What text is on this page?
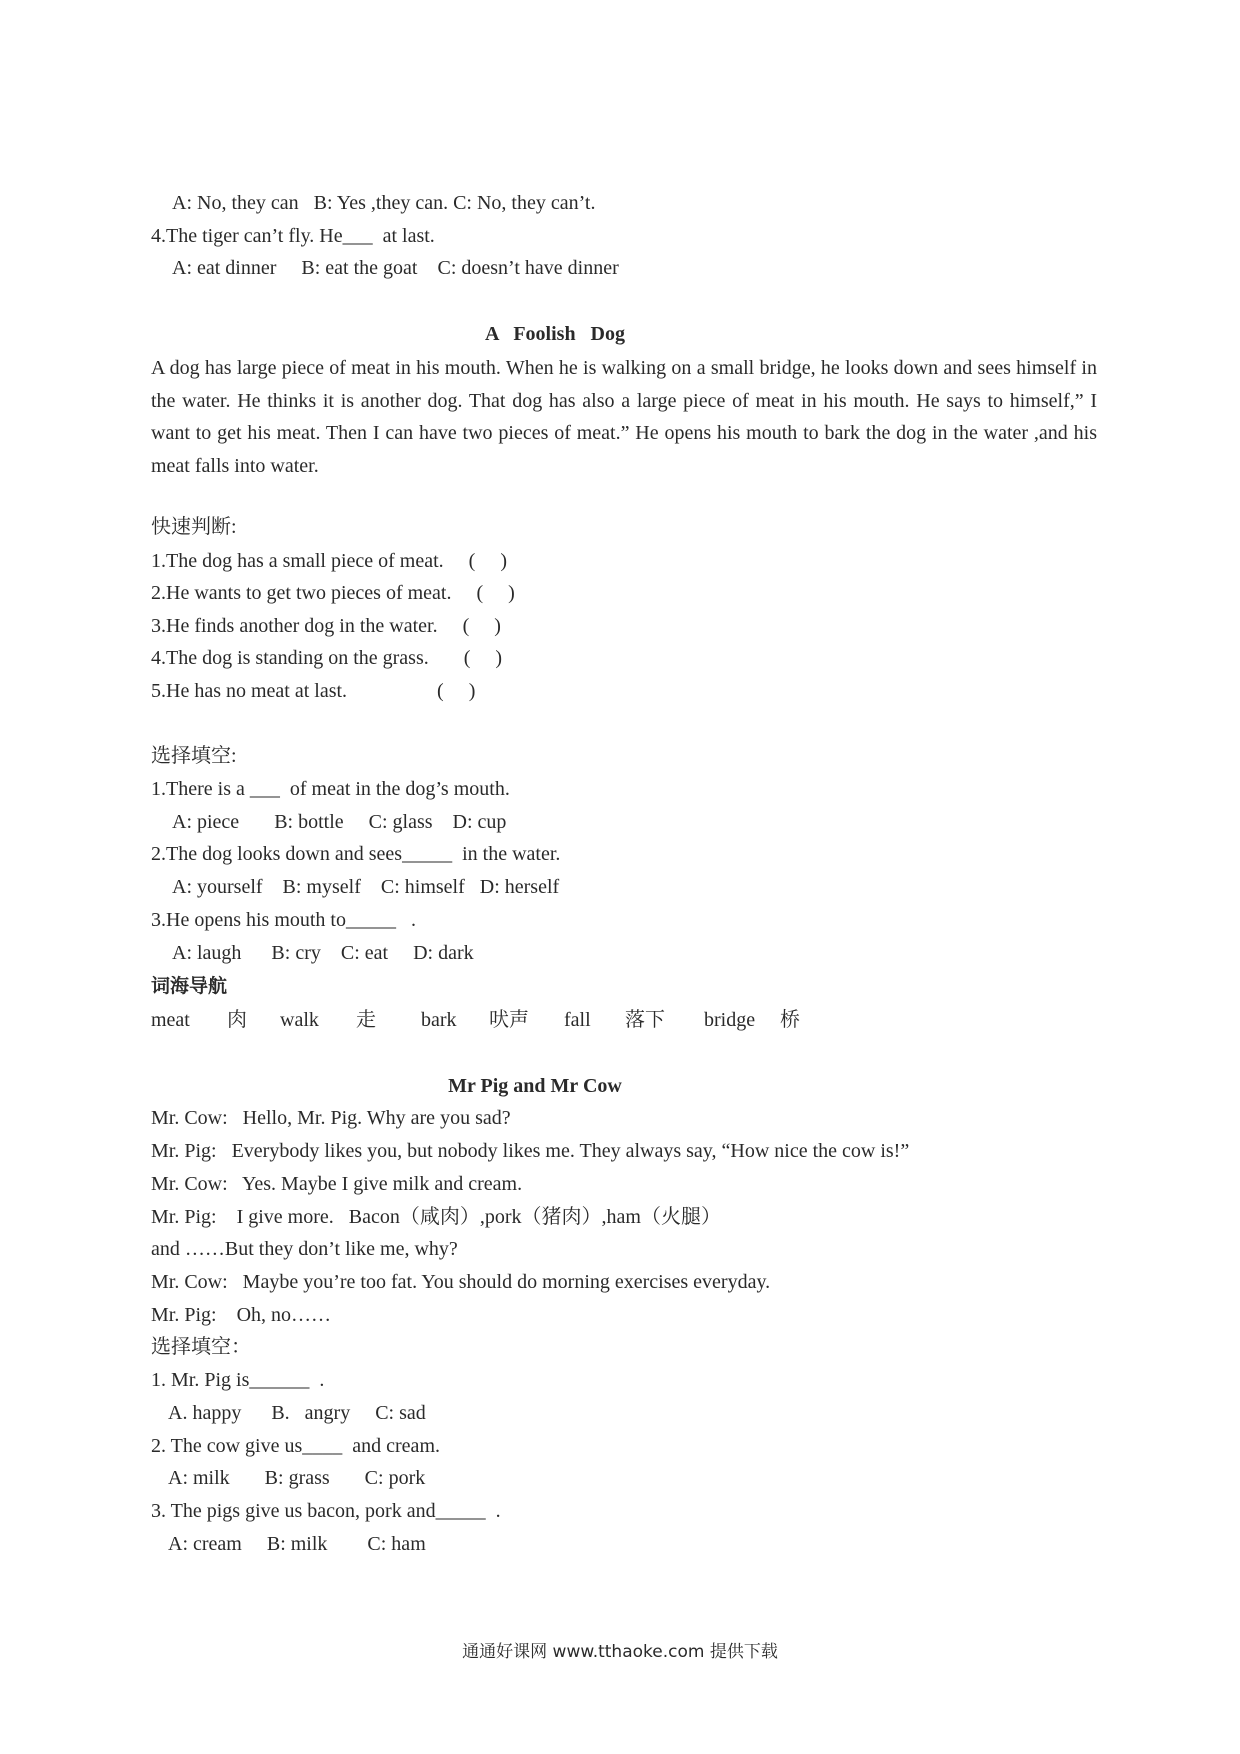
A: No, they can   B: Yes ,they can. C: No, they can’t.
4.The tiger can’t fly. He___  at last.
A: eat dinner     B: eat the goat    C: doesn’t have dinner
A   Foolish   Dog
A dog has large piece of meat in his mouth. When he is walking on a small bridge, he looks down and sees himself in the water. He thinks it is another dog. That dog has also a large piece of meat in his mouth. He says to himself,” I want to get his meat. Then I can have two pieces of meat.” He opens his mouth to bark the dog in the water ,and his meat falls into water.
快速判断:
1.The dog has a small piece of meat.     (     )
2.He wants to get two pieces of meat.     (     )
3.He finds another dog in the water.     (     )
4.The dog is standing on the grass.       (     )
5.He has no meat at last.                  (     )
选择填空:
1.There is a ___  of meat in the dog’s mouth.
A: piece       B: bottle     C: glass    D: cup
2.The dog looks down and sees_____  in the water.
A: yourself    B: myself    C: himself   D: herself
3.He opens his mouth to_____   .
A: laugh      B: cry    C: eat     D: dark
词海导航

meat

肉

walk

走

bark

吠声

fall

落下

bridge

桥

Mr Pig and Mr Cow
Mr. Cow:   Hello, Mr. Pig. Why are you sad?
Mr. Pig:   Everybody likes you, but nobody likes me. They always say, “How nice the cow is!”
Mr. Cow:   Yes. Maybe I give milk and cream.
Mr. Pig:    I give more.   Bacon（咸肉）,pork（猪肉）,ham（火腿）
and ……But they don’t like me, why?
Mr. Cow:   Maybe you’re too fat. You should do morning exercises everyday.
Mr. Pig:    Oh, no……
选择填空：
1. Mr. Pig is______  .
A. happy      B.   angry     C: sad
2. The cow give us____  and cream.
A: milk       B: grass       C: pork
3. The pigs give us bacon, pork and_____  .
A: cream     B: milk        C: ham
通通好课网 www.tthaoke.com 提供下载
